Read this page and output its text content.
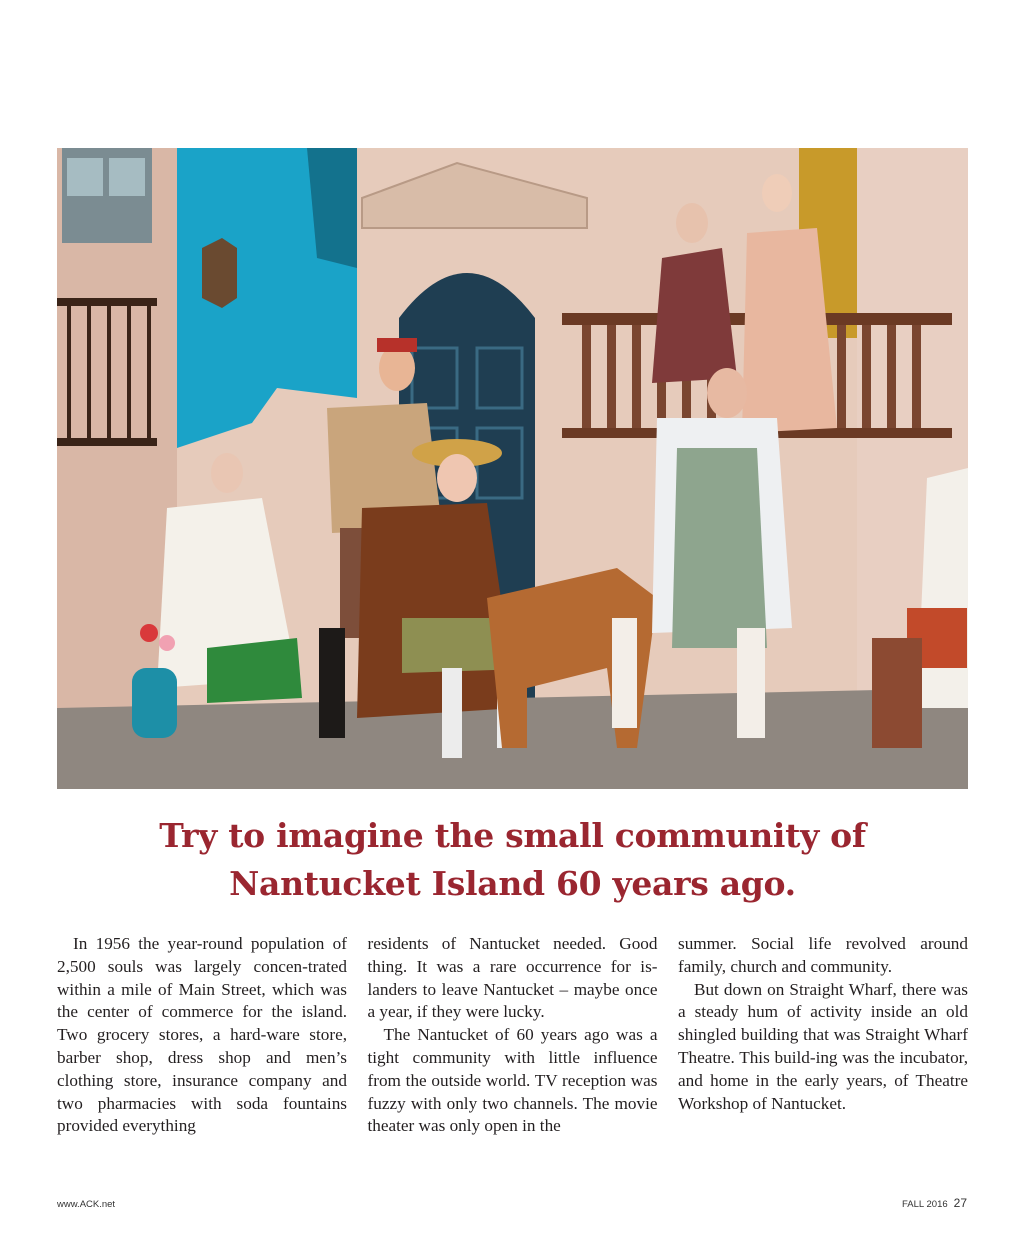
Try to imagine the small community of
Nantucket Island 60 years ago.

In 1956 the year-round population of 2,500 souls was largely concen-trated within a mile of Main Street, which was the center of commerce for the island. Two grocery stores, a hard-ware store, barber shop, dress shop and men’s clothing store, insurance company and two pharmacies with soda fountains provided everything

residents of Nantucket needed. Good thing. It was a rare occurrence for is-landers to leave Nantucket – maybe once a year, if they were lucky.

The Nantucket of 60 years ago was a tight community with little influence from the outside world. TV reception was fuzzy with only two channels. The movie theater was only open in the

summer. Social life revolved around family, church and community.

But down on Straight Wharf, there was a steady hum of activity inside an old shingled building that was Straight Wharf Theatre. This build-ing was the incubator, and home in the early years, of Theatre Workshop of Nantucket.

www.ACK.net	FALL 2016 27
